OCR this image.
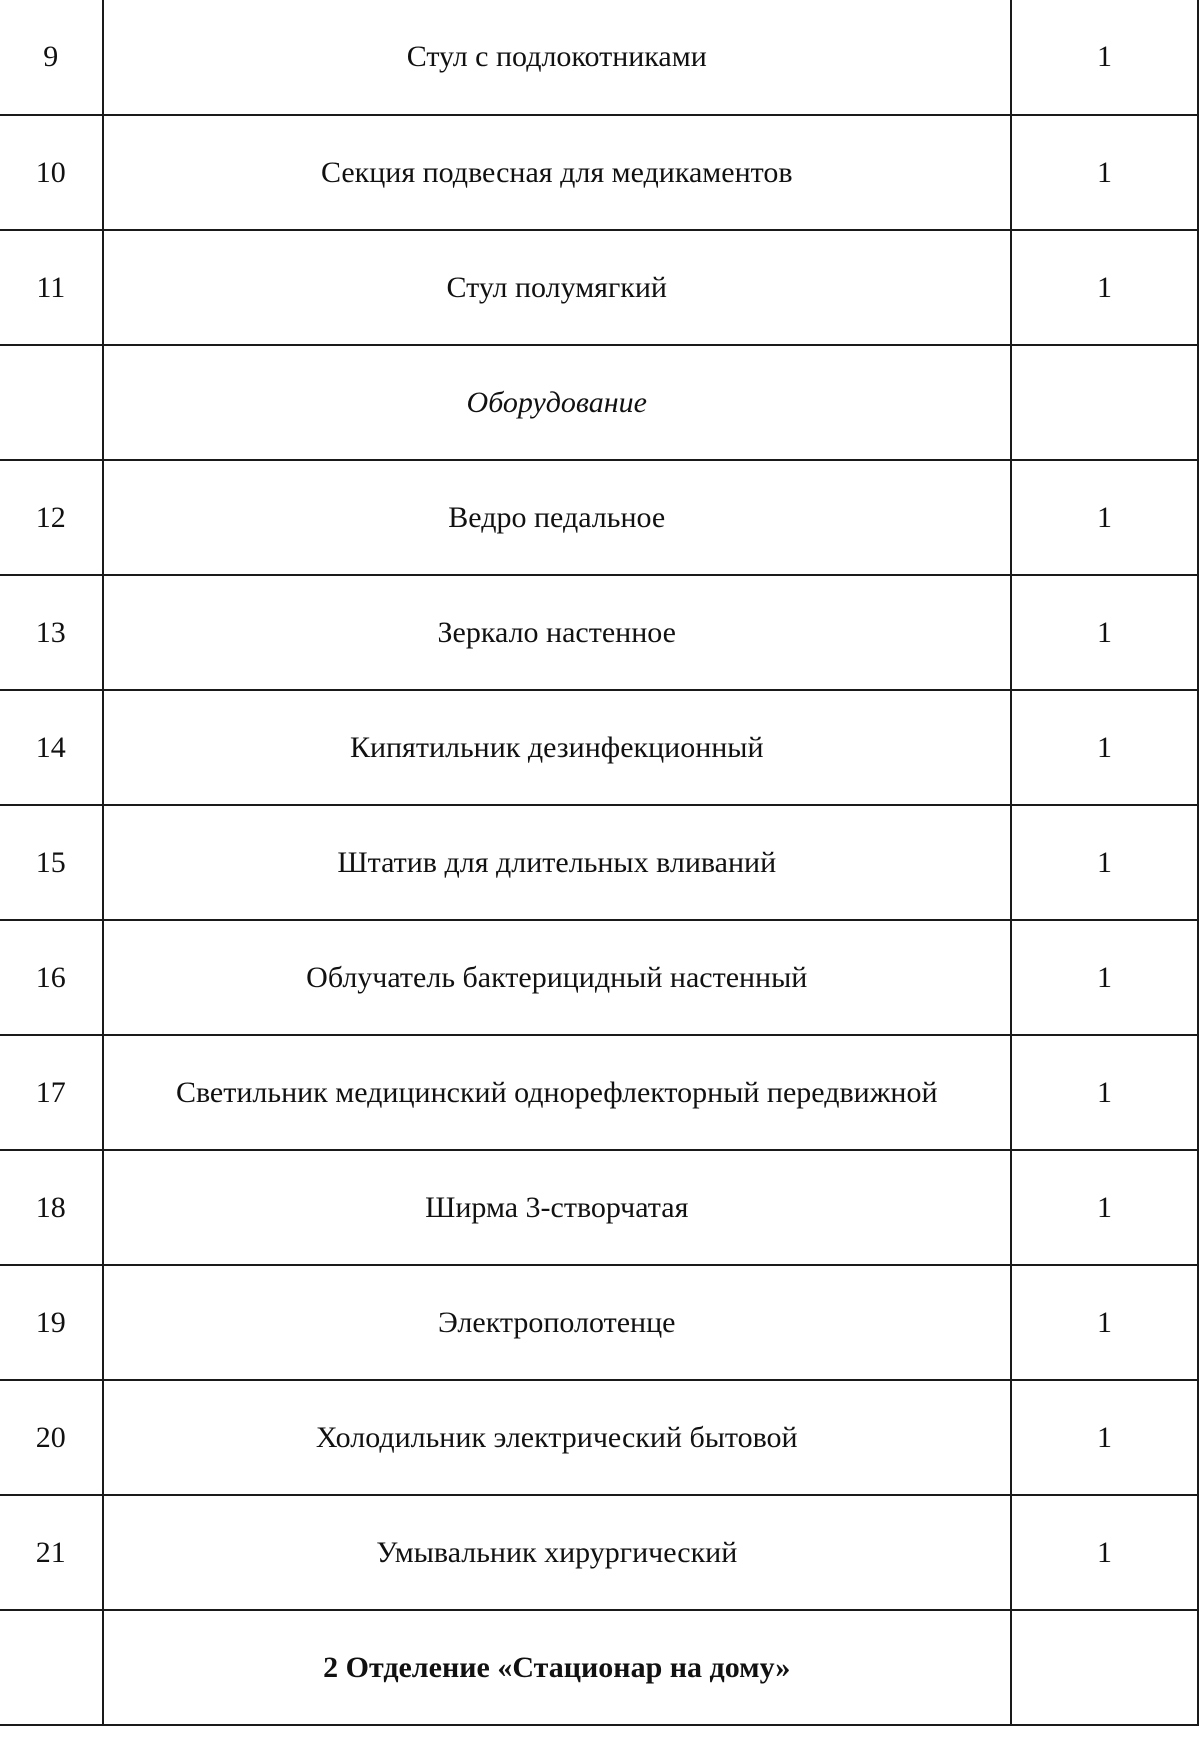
9	Стул с подлокотниками	1
10	Секция подвесная для медикаментов	1
11	Стул полумягкий	1
	Оборудование	
12	Ведро педальное	1
13	Зеркало настенное	1
14	Кипятильник дезинфекционный	1
15	Штатив для длительных вливаний	1
16	Облучатель бактерицидный настенный	1
17	Светильник медицинский однорефлекторный передвижной	1
18	Ширма 3-створчатая	1
19	Электрополотенце	1
20	Холодильник электрический бытовой	1
21	Умывальник хирургический	1
	2 Отделение «Стационар на дому»	
